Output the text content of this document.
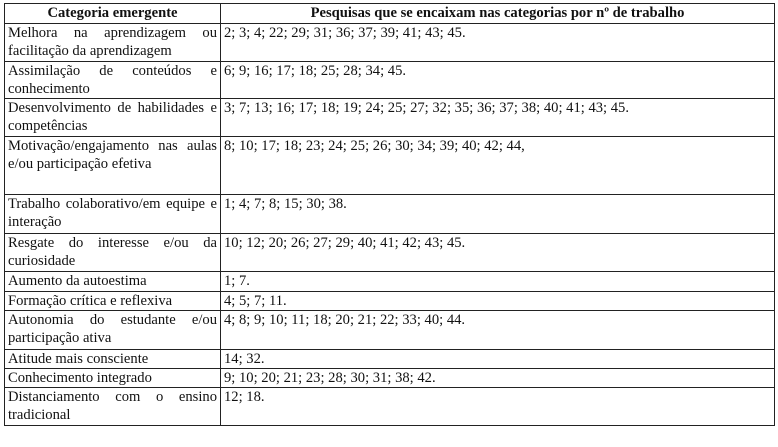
Categoria emergente	Pesquisas que se encaixam nas categorias por nº de trabalho
Melhora na aprendizagem ou facilitação da aprendizagem	2; 3; 4; 22; 29; 31; 36; 37; 39; 41; 43; 45.
Assimilação de conteúdos e conhecimento	6; 9; 16; 17; 18; 25; 28; 34; 45.
Desenvolvimento de habilidades e competências	3; 7; 13; 16; 17; 18; 19; 24; 25; 27; 32; 35; 36; 37; 38; 40; 41; 43; 45.
Motivação/engajamento nas aulas e/ou participação efetiva	8; 10; 17; 18; 23; 24; 25; 26; 30; 34; 39; 40; 42; 44,
Trabalho colaborativo/em equipe e interação	1; 4; 7; 8; 15; 30; 38.
Resgate do interesse e/ou da curiosidade	10; 12; 20; 26; 27; 29; 40; 41; 42; 43; 45.
Aumento da autoestima	1; 7.
Formação crítica e reflexiva	4; 5; 7; 11.
Autonomia do estudante e/ou participação ativa	4; 8; 9; 10; 11; 18; 20; 21; 22; 33; 40; 44.
Atitude mais consciente	14; 32.
Conhecimento integrado	9; 10; 20; 21; 23; 28; 30; 31; 38; 42.
Distanciamento com o ensino tradicional	12; 18.
